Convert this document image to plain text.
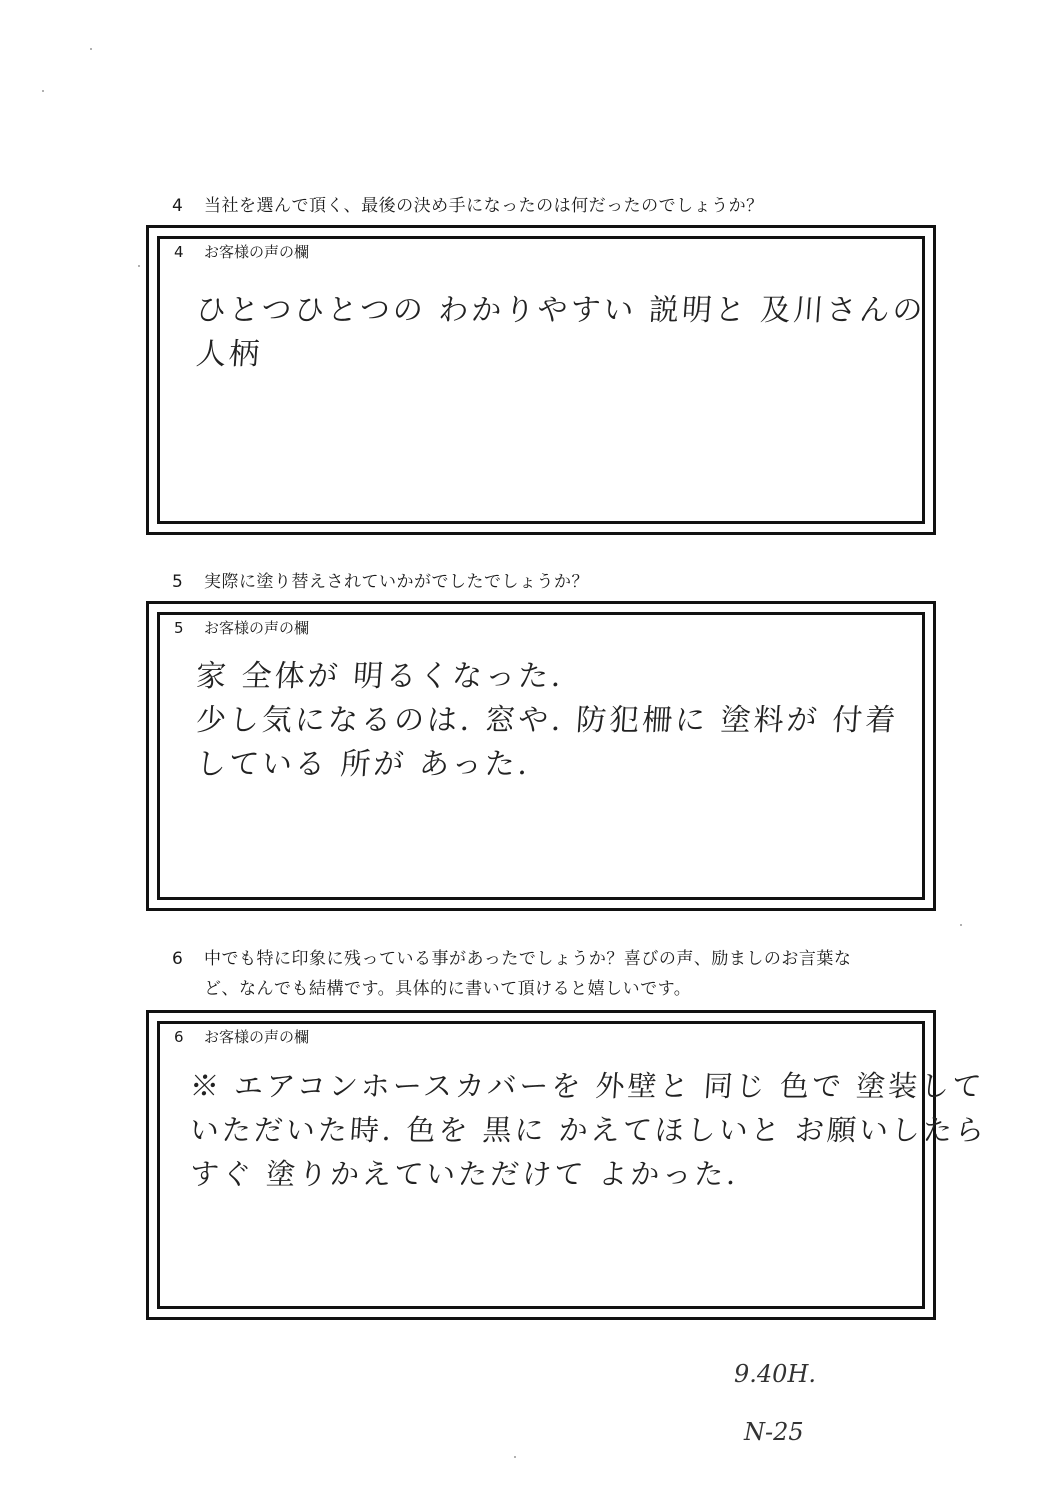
4 当社を選んで頂く、最後の決め手になったのは何だったのでしょうか？
4 お客様の声の欄
ひとつひとつの わかりやすい 説明と 及川さんの
人柄
5 実際に塗り替えされていかがでしたでしょうか？
5 お客様の声の欄
家 全体が 明るくなった.
少し気になるのは. 窓や. 防犯柵に 塗料が 付着
している 所が あった.
6 中でも特に印象に残っている事があったでしょうか？喜びの声、励ましのお言葉な
ど、なんでも結構です。具体的に書いて頂けると嬉しいです。
6 お客様の声の欄
※ エアコンホースカバーを 外壁と 同じ 色で 塗装して
いただいた時. 色を 黒に かえてほしいと お願いしたら
すぐ 塗りかえていただけて よかった.
9.40H.
N-25
